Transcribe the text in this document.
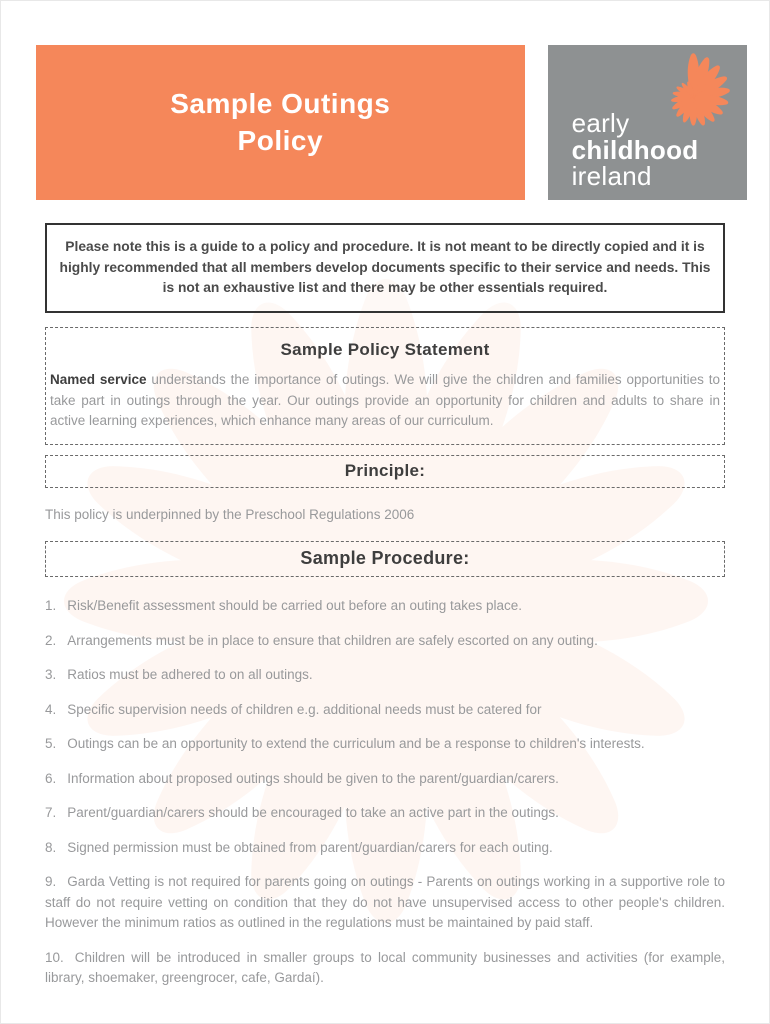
Sample Outings
Policy
early
childhood
ireland
Please note this is a guide to a policy and procedure. It is not meant to be directly copied and it is highly recommended that all members develop documents specific to their service and needs. This is not an exhaustive list and there may be other essentials required.
Sample Policy Statement

Named service understands the importance of outings. We will give the children and families opportunities to take part in outings through the year. Our outings provide an opportunity for children and adults to share in active learning experiences, which enhance many areas of our curriculum.

Principle:

This policy is underpinned by the Preschool Regulations 2006

Sample Procedure:

1. Risk/Benefit assessment should be carried out before an outing takes place.

2. Arrangements must be in place to ensure that children are safely escorted on any outing.

3. Ratios must be adhered to on all outings.

4. Specific supervision needs of children e.g. additional needs must be catered for

5. Outings can be an opportunity to extend the curriculum and be a response to children's interests.

6. Information about proposed outings should be given to the parent/guardian/carers.

7. Parent/guardian/carers should be encouraged to take an active part in the outings.

8. Signed permission must be obtained from parent/guardian/carers for each outing.

9. Garda Vetting is not required for parents going on outings - Parents on outings working in a supportive role to staff do not require vetting on condition that they do not have unsupervised access to other people's children. However the minimum ratios as outlined in the regulations must be maintained by paid staff.

10. Children will be introduced in smaller groups to local community businesses and activities (for example, library, shoemaker, greengrocer, cafe, Gardaí).
